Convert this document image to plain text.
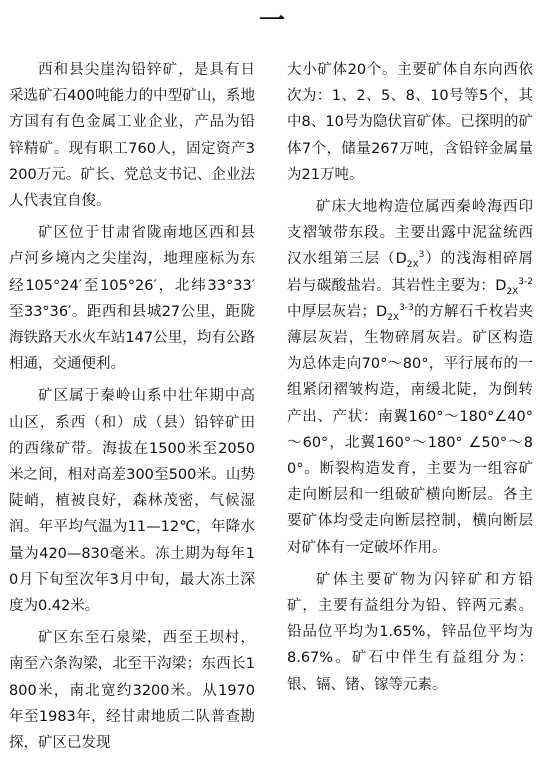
一

西和县尖崖沟铅锌矿，是具有日采选矿石400吨能力的中型矿山，系地方国有有色金属工业企业，产品为铅锌精矿。现有职工760人，固定资产3200万元。矿长、党总支书记、企业法人代表宜自俊。

矿区位于甘肃省陇南地区西和县卢河乡境内之尖崖沟，地理座标为东经105°24′至105°26′，北纬33°33′至33°36′。距西和县城27公里，距陇海铁路天水火车站147公里，均有公路相通，交通便利。

矿区属于秦岭山系中壮年期中高山区，系西（和）成（县）铅锌矿田的西缘矿带。海拔在1500米至2050米之间，相对高差300至500米。山势陡峭，植被良好，森林茂密，气候湿润。年平均气温为11—12℃，年降水量为420—830毫米。冻土期为每年10月下旬至次年3月中旬，最大冻土深度为0.42米。

矿区东至石泉梁，西至王坝村，南至六条沟梁，北至干沟梁；东西长1800米，南北宽约3200米。从1970年至1983年，经甘肃地质二队普查勘探，矿区已发现

大小矿体20个。主要矿体自东向西依次为：1、2、5、8、10号等5个，其中8、10号为隐伏盲矿体。已探明的矿体7个，储量267万吨，含铅锌金属量为21万吨。

矿床大地构造位属西秦岭海西印支褶皱带东段。主要出露中泥盆统西汉水组第三层$(D_{2X}^3)$的浅海相碎屑岩与碳酸盐岩。其岩性主要为：$D_{2X}^{3-2}$中厚层灰岩；$D_{2X}^{3-3}$的方解石千枚岩夹薄层灰岩，生物碎屑灰岩。矿区构造为总体走向70°～80°，平行展布的一组紧闭褶皱构造，南缓北陡，为倒转产出、产状：南翼160°～180°∠40°～60°，北翼160°～180° ∠50°～80°。断裂构造发育，主要为一组容矿走向断层和一组破矿横向断层。各主要矿体均受走向断层控制，横向断层对矿体有一定破坏作用。

矿体主要矿物为闪锌矿和方铅矿，主要有益组分为铅、锌两元素。铅品位平均为1.65%，锌品位平均为8.67%。矿石中伴生有益组分为：银、镉、锗、镓等元素。
